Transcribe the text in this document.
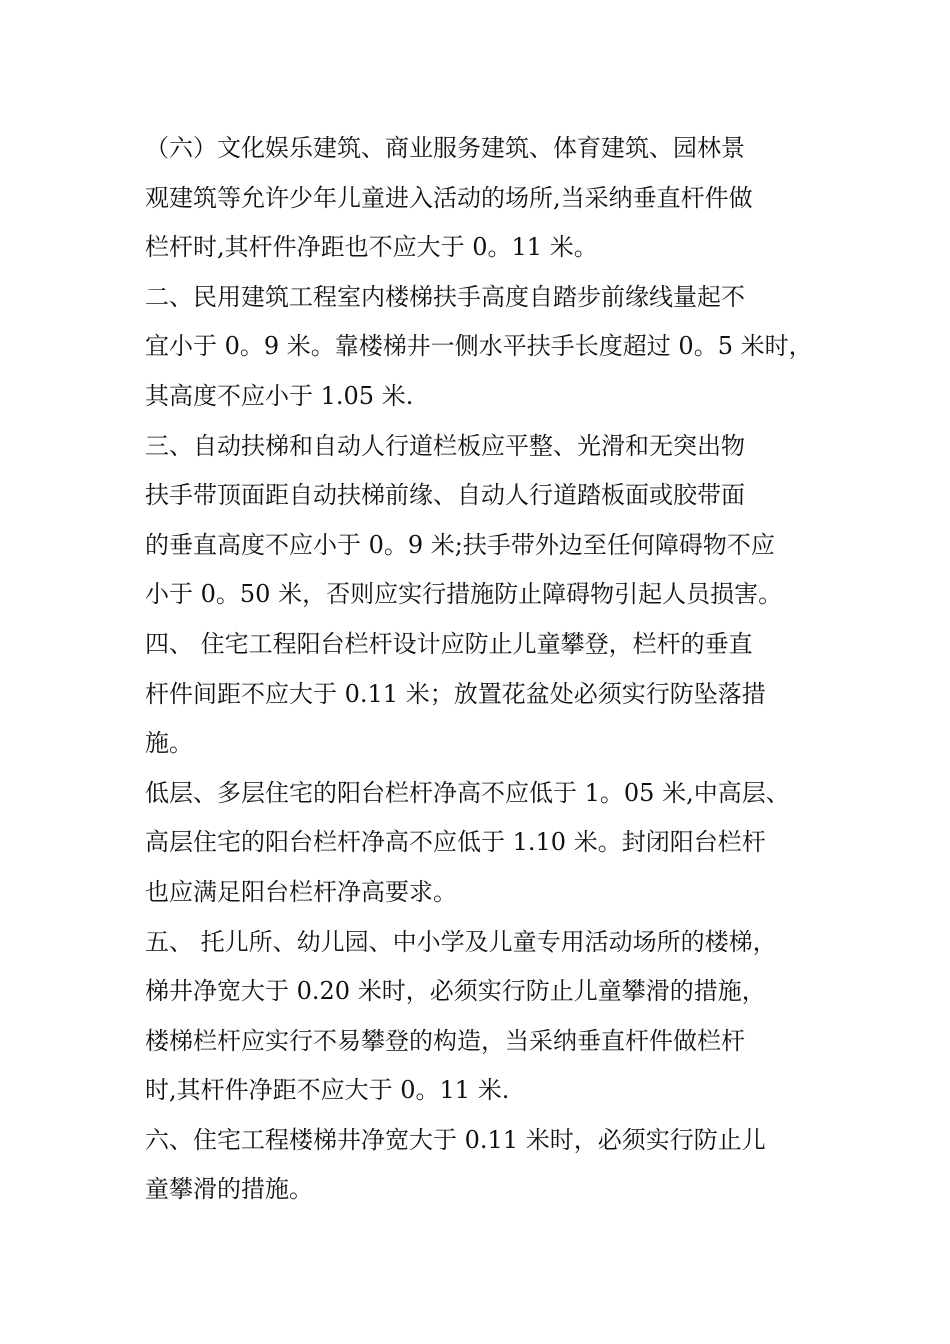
（六）文化娱乐建筑、商业服务建筑、体育建筑、园林景
观建筑等允许少年儿童进入活动的场所,当采纳垂直杆件做
栏杆时,其杆件净距也不应大于 0。11 米。
二、民用建筑工程室内楼梯扶手高度自踏步前缘线量起不
宜小于 0。9 米。靠楼梯井一侧水平扶手长度超过 0。5 米时，
其高度不应小于 1.05 米.
三、自动扶梯和自动人行道栏板应平整、光滑和无突出物
扶手带顶面距自动扶梯前缘、自动人行道踏板面或胶带面
的垂直高度不应小于 0。9 米;扶手带外边至任何障碍物不应
小于 0。50 米，否则应实行措施防止障碍物引起人员损害。
四、 住宅工程阳台栏杆设计应防止儿童攀登，栏杆的垂直
杆件间距不应大于 0.11 米；放置花盆处必须实行防坠落措
施。
低层、多层住宅的阳台栏杆净高不应低于 1。05 米,中高层、
高层住宅的阳台栏杆净高不应低于 1.10 米。封闭阳台栏杆
也应满足阳台栏杆净高要求。
五、 托儿所、幼儿园、中小学及儿童专用活动场所的楼梯，
梯井净宽大于 0.20 米时，必须实行防止儿童攀滑的措施，
楼梯栏杆应实行不易攀登的构造，当采纳垂直杆件做栏杆
时,其杆件净距不应大于 0。11 米.
六、住宅工程楼梯井净宽大于 0.11 米时，必须实行防止儿
童攀滑的措施。
